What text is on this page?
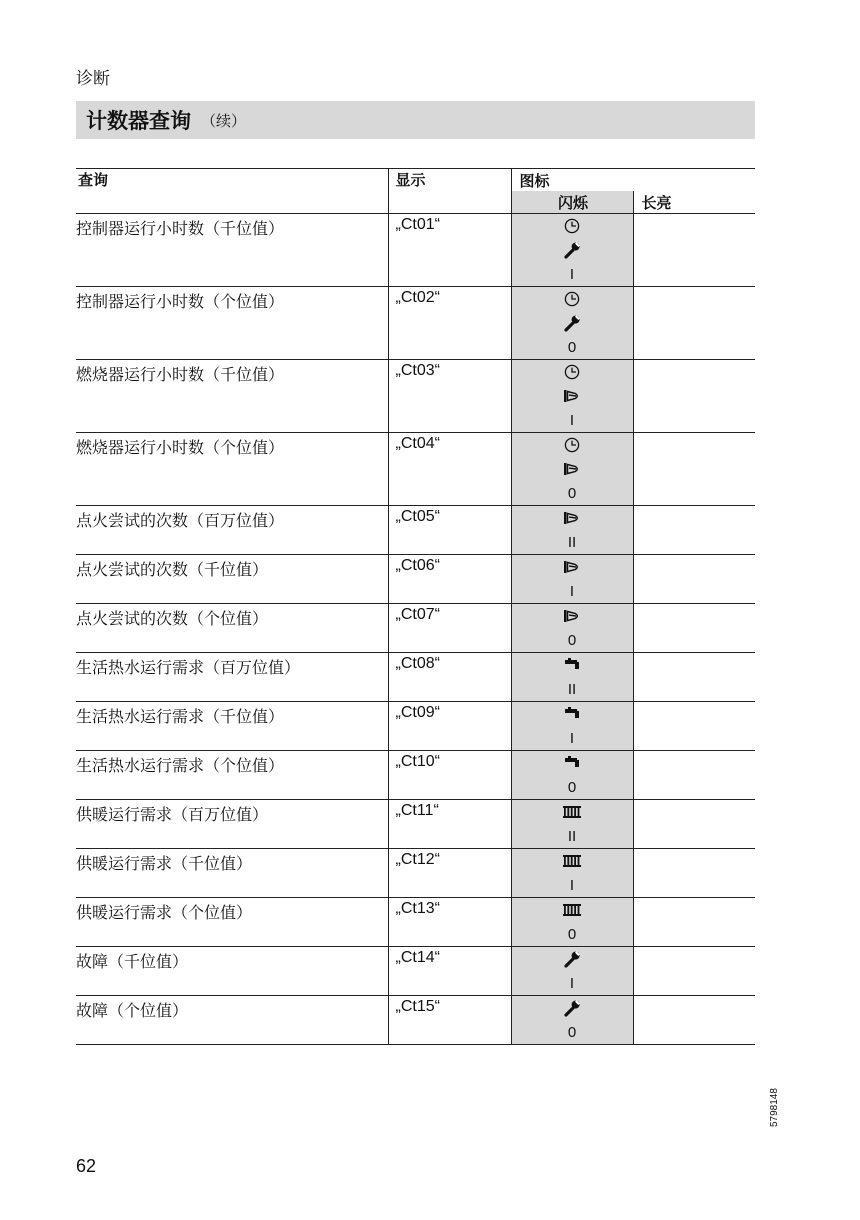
诊断
计数器查询 （续）
查询	显示	图标	
		闪烁	长亮
控制器运行小时数（千位值）	„Ct01“	I	

控制器运行小时数（个位值）	„Ct02“	0	

燃烧器运行小时数（千位值）	„Ct03“	I	

燃烧器运行小时数（个位值）	„Ct04“	0	

点火尝试的次数（百万位值）	„Ct05“	II	

点火尝试的次数（千位值）	„Ct06“	I	

点火尝试的次数（个位值）	„Ct07“	0	

生活热水运行需求（百万位值）	„Ct08“	II	

生活热水运行需求（千位值）	„Ct09“	I	

生活热水运行需求（个位值）	„Ct10“	0	

供暖运行需求（百万位值）	„Ct11“	II	

供暖运行需求（千位值）	„Ct12“	I	

供暖运行需求（个位值）	„Ct13“	0	

故障（千位值）	„Ct14“	I	

故障（个位值）	„Ct15“	0	

62
5798148
